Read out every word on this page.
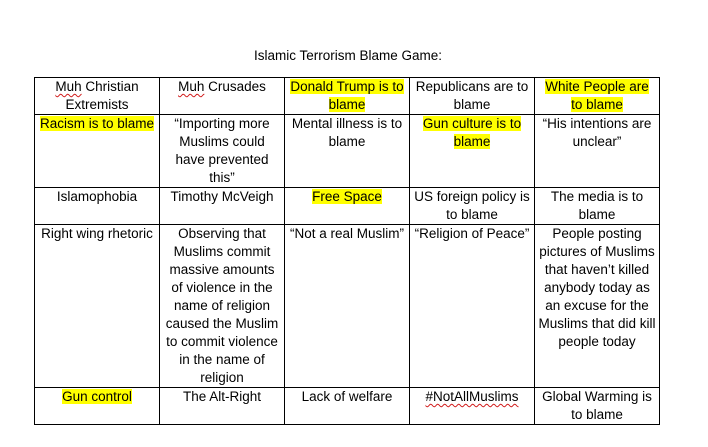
Islamic Terrorism Blame Game:
Muh Christian Extremists	Muh Crusades	Donald Trump is to blame	Republicans are to blame	White People are to blame
Racism is to blame	“Importing more Muslims could have prevented this”	Mental illness is to blame	Gun culture is to blame	“His intentions are unclear”
Islamophobia	Timothy McVeigh	Free Space	US foreign policy is to blame	The media is to blame
Right wing rhetoric	Observing that Muslims commit massive amounts of violence in the name of religion caused the Muslim to commit violence in the name of religion	“Not a real Muslim”	“Religion of Peace”	People posting pictures of Muslims that haven’t killed anybody today as an excuse for the Muslims that did kill people today
Gun control	The Alt-Right	Lack of welfare	#NotAllMuslims	Global Warming is to blame
